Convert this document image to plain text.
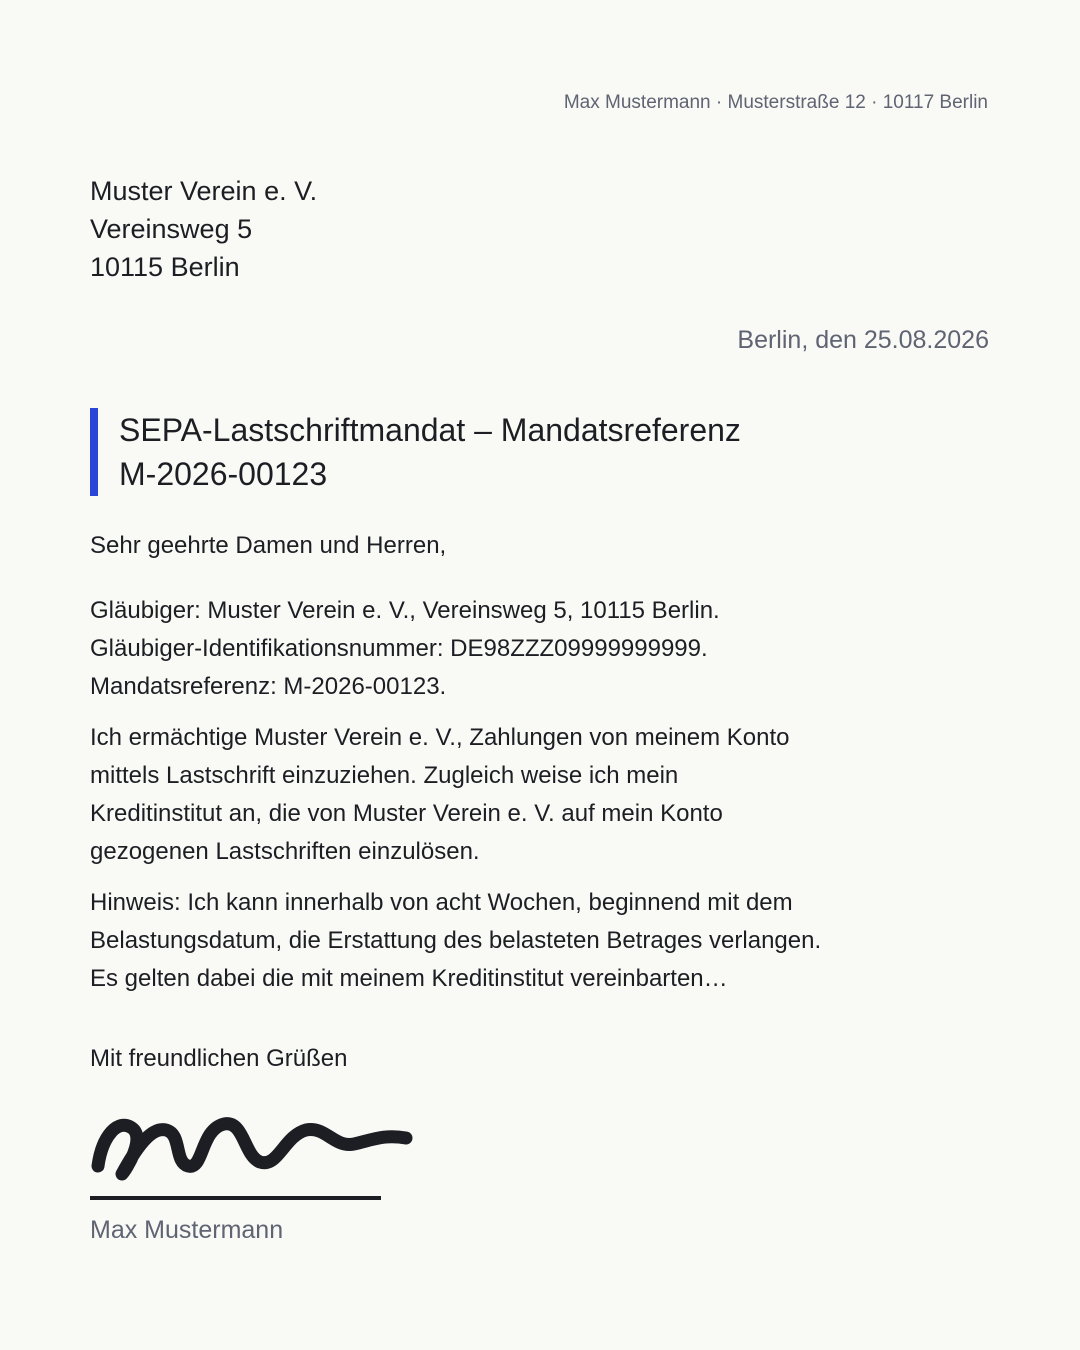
Max Mustermann · Musterstraße 12 · 10117 Berlin
Muster Verein e. V.
Vereinsweg 5
10115 Berlin
Berlin, den 25.08.2026
SEPA-Lastschriftmandat – Mandatsreferenz
M-2026-00123
Sehr geehrte Damen und Herren,
Gläubiger: Muster Verein e. V., Vereinsweg 5, 10115 Berlin.
Gläubiger-Identifikationsnummer: DE98ZZZ09999999999.
Mandatsreferenz: M-2026-00123.
Ich ermächtige Muster Verein e. V., Zahlungen von meinem Konto
mittels Lastschrift einzuziehen. Zugleich weise ich mein
Kreditinstitut an, die von Muster Verein e. V. auf mein Konto
gezogenen Lastschriften einzulösen.
Hinweis: Ich kann innerhalb von acht Wochen, beginnend mit dem
Belastungsdatum, die Erstattung des belasteten Betrages verlangen.
Es gelten dabei die mit meinem Kreditinstitut vereinbarten…
Mit freundlichen Grüßen
Max Mustermann
